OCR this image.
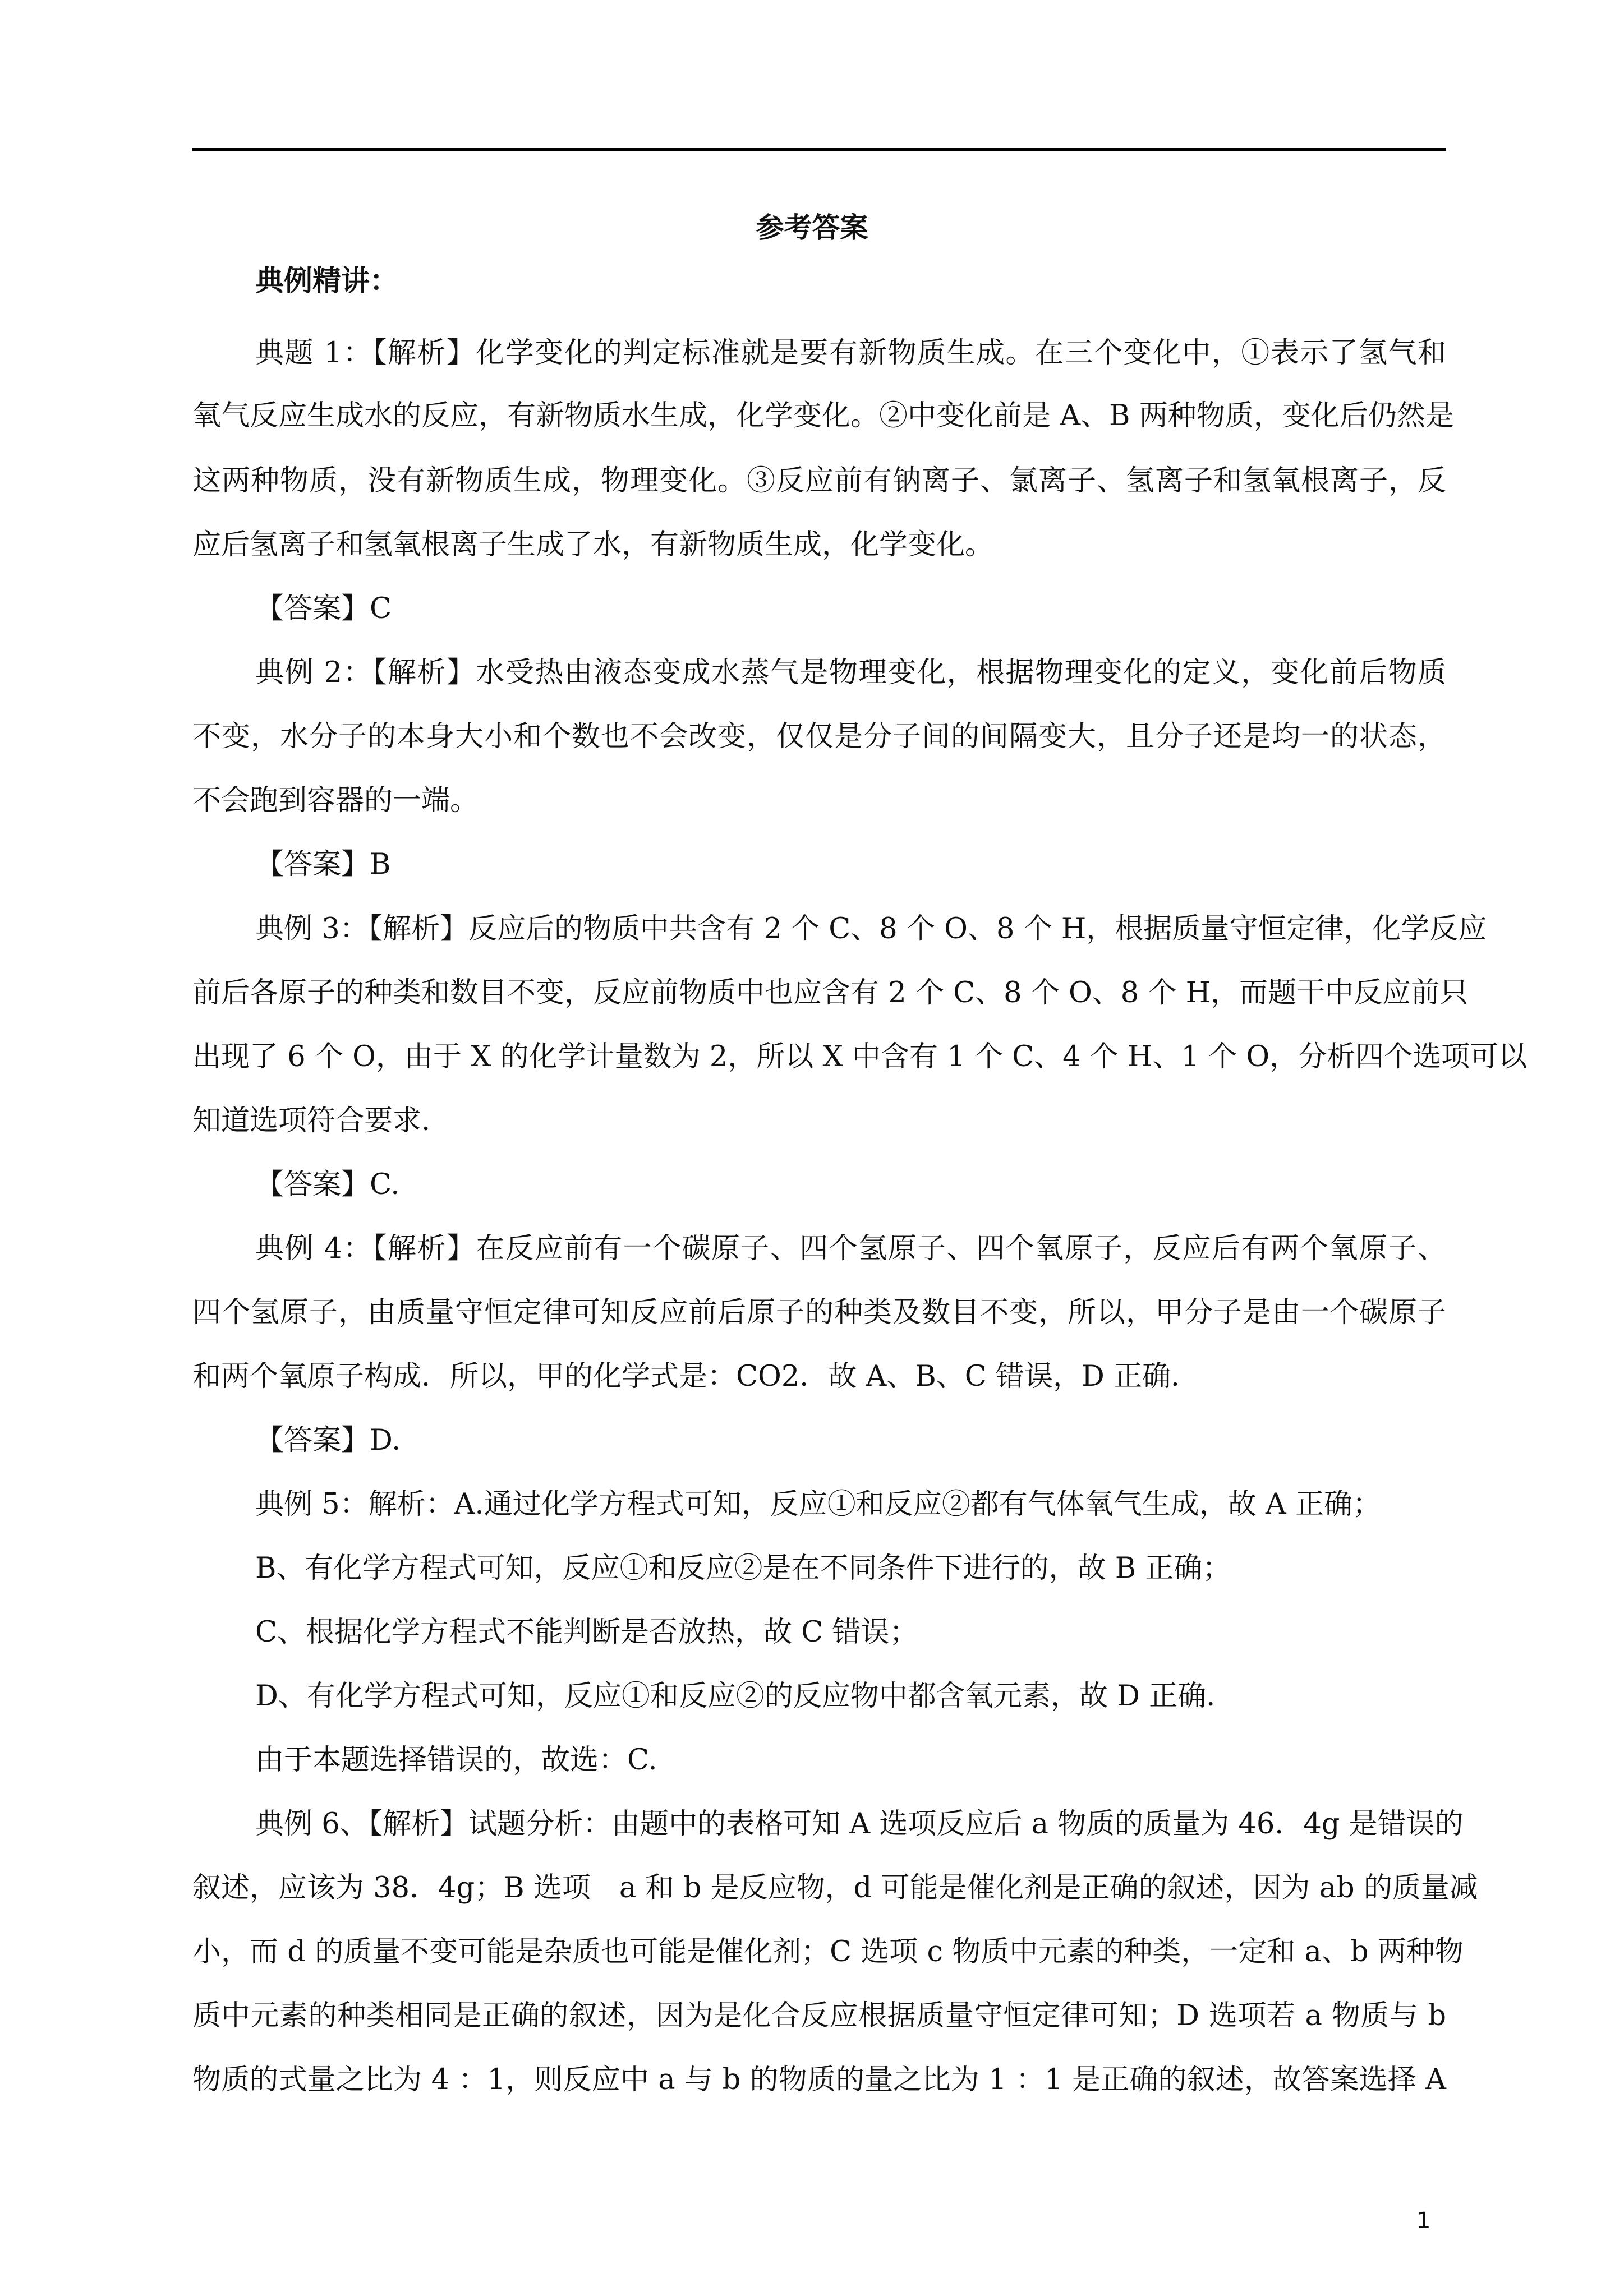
参考答案
典例精讲：
典题 1：【解析】化学变化的判定标准就是要有新物质生成。在三个变化中，①表示了氢气和
氧气反应生成水的反应，有新物质水生成，化学变化。②中变化前是 A、B 两种物质，变化后仍然是
这两种物质，没有新物质生成，物理变化。③反应前有钠离子、氯离子、氢离子和氢氧根离子，反
应后氢离子和氢氧根离子生成了水，有新物质生成，化学变化。
【答案】C
典例 2：【解析】水受热由液态变成水蒸气是物理变化，根据物理变化的定义，变化前后物质
不变，水分子的本身大小和个数也不会改变，仅仅是分子间的间隔变大，且分子还是均一的状态，
不会跑到容器的一端。
【答案】B
典例 3：【解析】反应后的物质中共含有 2 个 C、8 个 O、8 个 H，根据质量守恒定律，化学反应
前后各原子的种类和数目不变，反应前物质中也应含有 2 个 C、8 个 O、8 个 H，而题干中反应前只
出现了 6 个 O，由于 X 的化学计量数为 2，所以 X 中含有 1 个 C、4 个 H、1 个 O，分析四个选项可以
知道选项符合要求.
【答案】C.
典例 4：【解析】在反应前有一个碳原子、四个氢原子、四个氧原子，反应后有两个氧原子、
四个氢原子，由质量守恒定律可知反应前后原子的种类及数目不变，所以，甲分子是由一个碳原子
和两个氧原子构成．所以，甲的化学式是：CO2．故 A、B、C 错误，D 正确．
【答案】D.
典例 5：解析：A.通过化学方程式可知，反应①和反应②都有气体氧气生成，故 A 正确；
B、有化学方程式可知，反应①和反应②是在不同条件下进行的，故 B 正确；
C、根据化学方程式不能判断是否放热，故 C 错误；
D、有化学方程式可知，反应①和反应②的反应物中都含氧元素，故 D 正确．
由于本题选择错误的，故选：C.
典例 6、【解析】试题分析：由题中的表格可知 A 选项反应后 a 物质的质量为 46．4g 是错误的
叙述，应该为 38．4g；B 选项　a 和 b 是反应物，d 可能是催化剂是正确的叙述，因为 ab 的质量减
小，而 d 的质量不变可能是杂质也可能是催化剂；C 选项 c 物质中元素的种类，一定和 a、b 两种物
质中元素的种类相同是正确的叙述，因为是化合反应根据质量守恒定律可知；D 选项若 a 物质与 b
物质的式量之比为 4 ：1，则反应中 a 与 b 的物质的量之比为 1 ：1 是正确的叙述，故答案选择 A
1
